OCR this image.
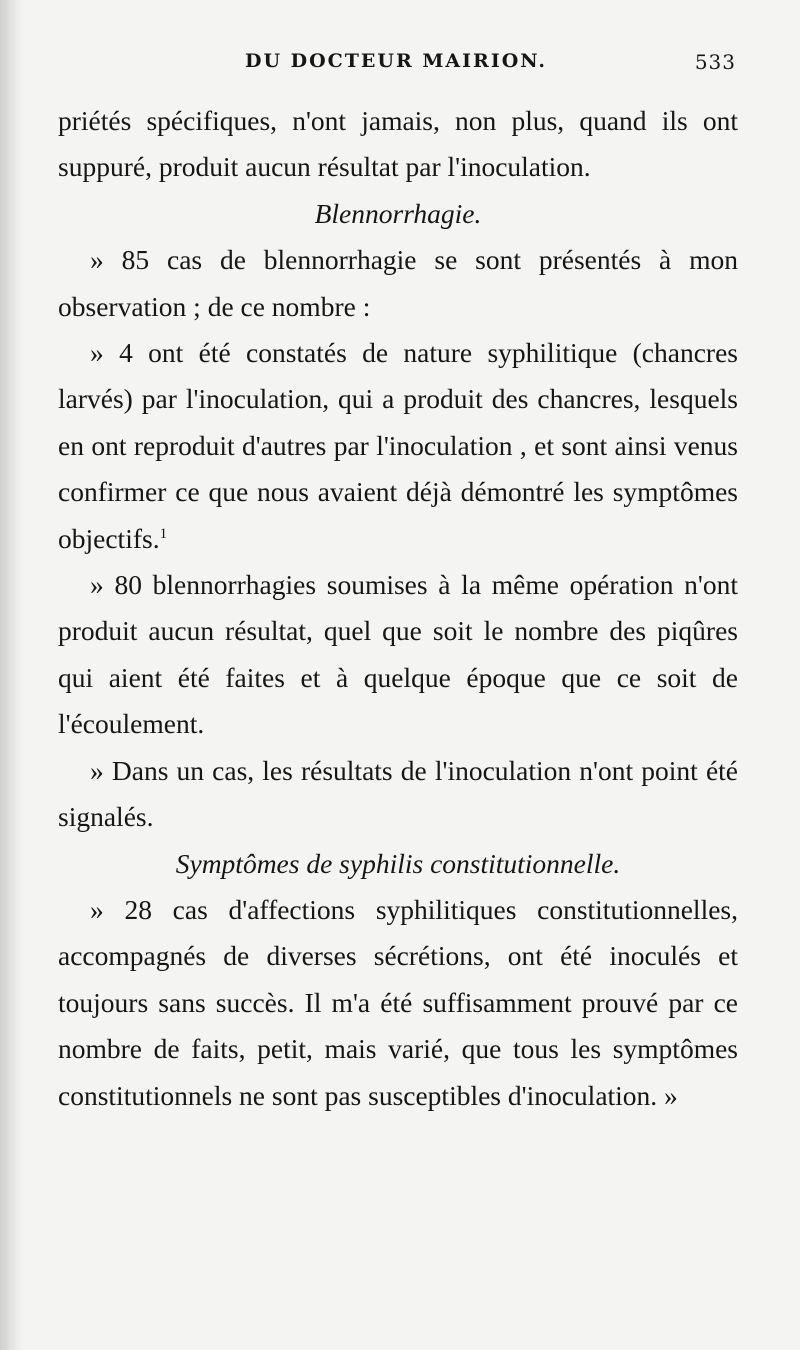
DU DOCTEUR MAIRION.	533

priétés spécifiques, n'ont jamais, non plus, quand ils ont suppuré, produit aucun résultat par l'inoculation.

Blennorrhagie.

» 85 cas de blennorrhagie se sont présentés à mon observation ; de ce nombre :

» 4 ont été constatés de nature syphilitique (chancres larvés) par l'inoculation, qui a produit des chancres, lesquels en ont reproduit d'autres par l'inoculation , et sont ainsi venus confirmer ce que nous avaient déjà démontré les symptômes objectifs.$^1$

» 80 blennorrhagies soumises à la même opération n'ont produit aucun résultat, quel que soit le nombre des piqûres qui aient été faites et à quelque époque que ce soit de l'écoulement.

» Dans un cas, les résultats de l'inoculation n'ont point été signalés.

Symptômes de syphilis constitutionnelle.

» 28 cas d'affections syphilitiques constitutionnelles, accompagnés de diverses sécrétions, ont été inoculés et toujours sans succès. Il m'a été suffisamment prouvé par ce nombre de faits, petit, mais varié, que tous les symptômes constitutionnels ne sont pas susceptibles d'inoculation. »
